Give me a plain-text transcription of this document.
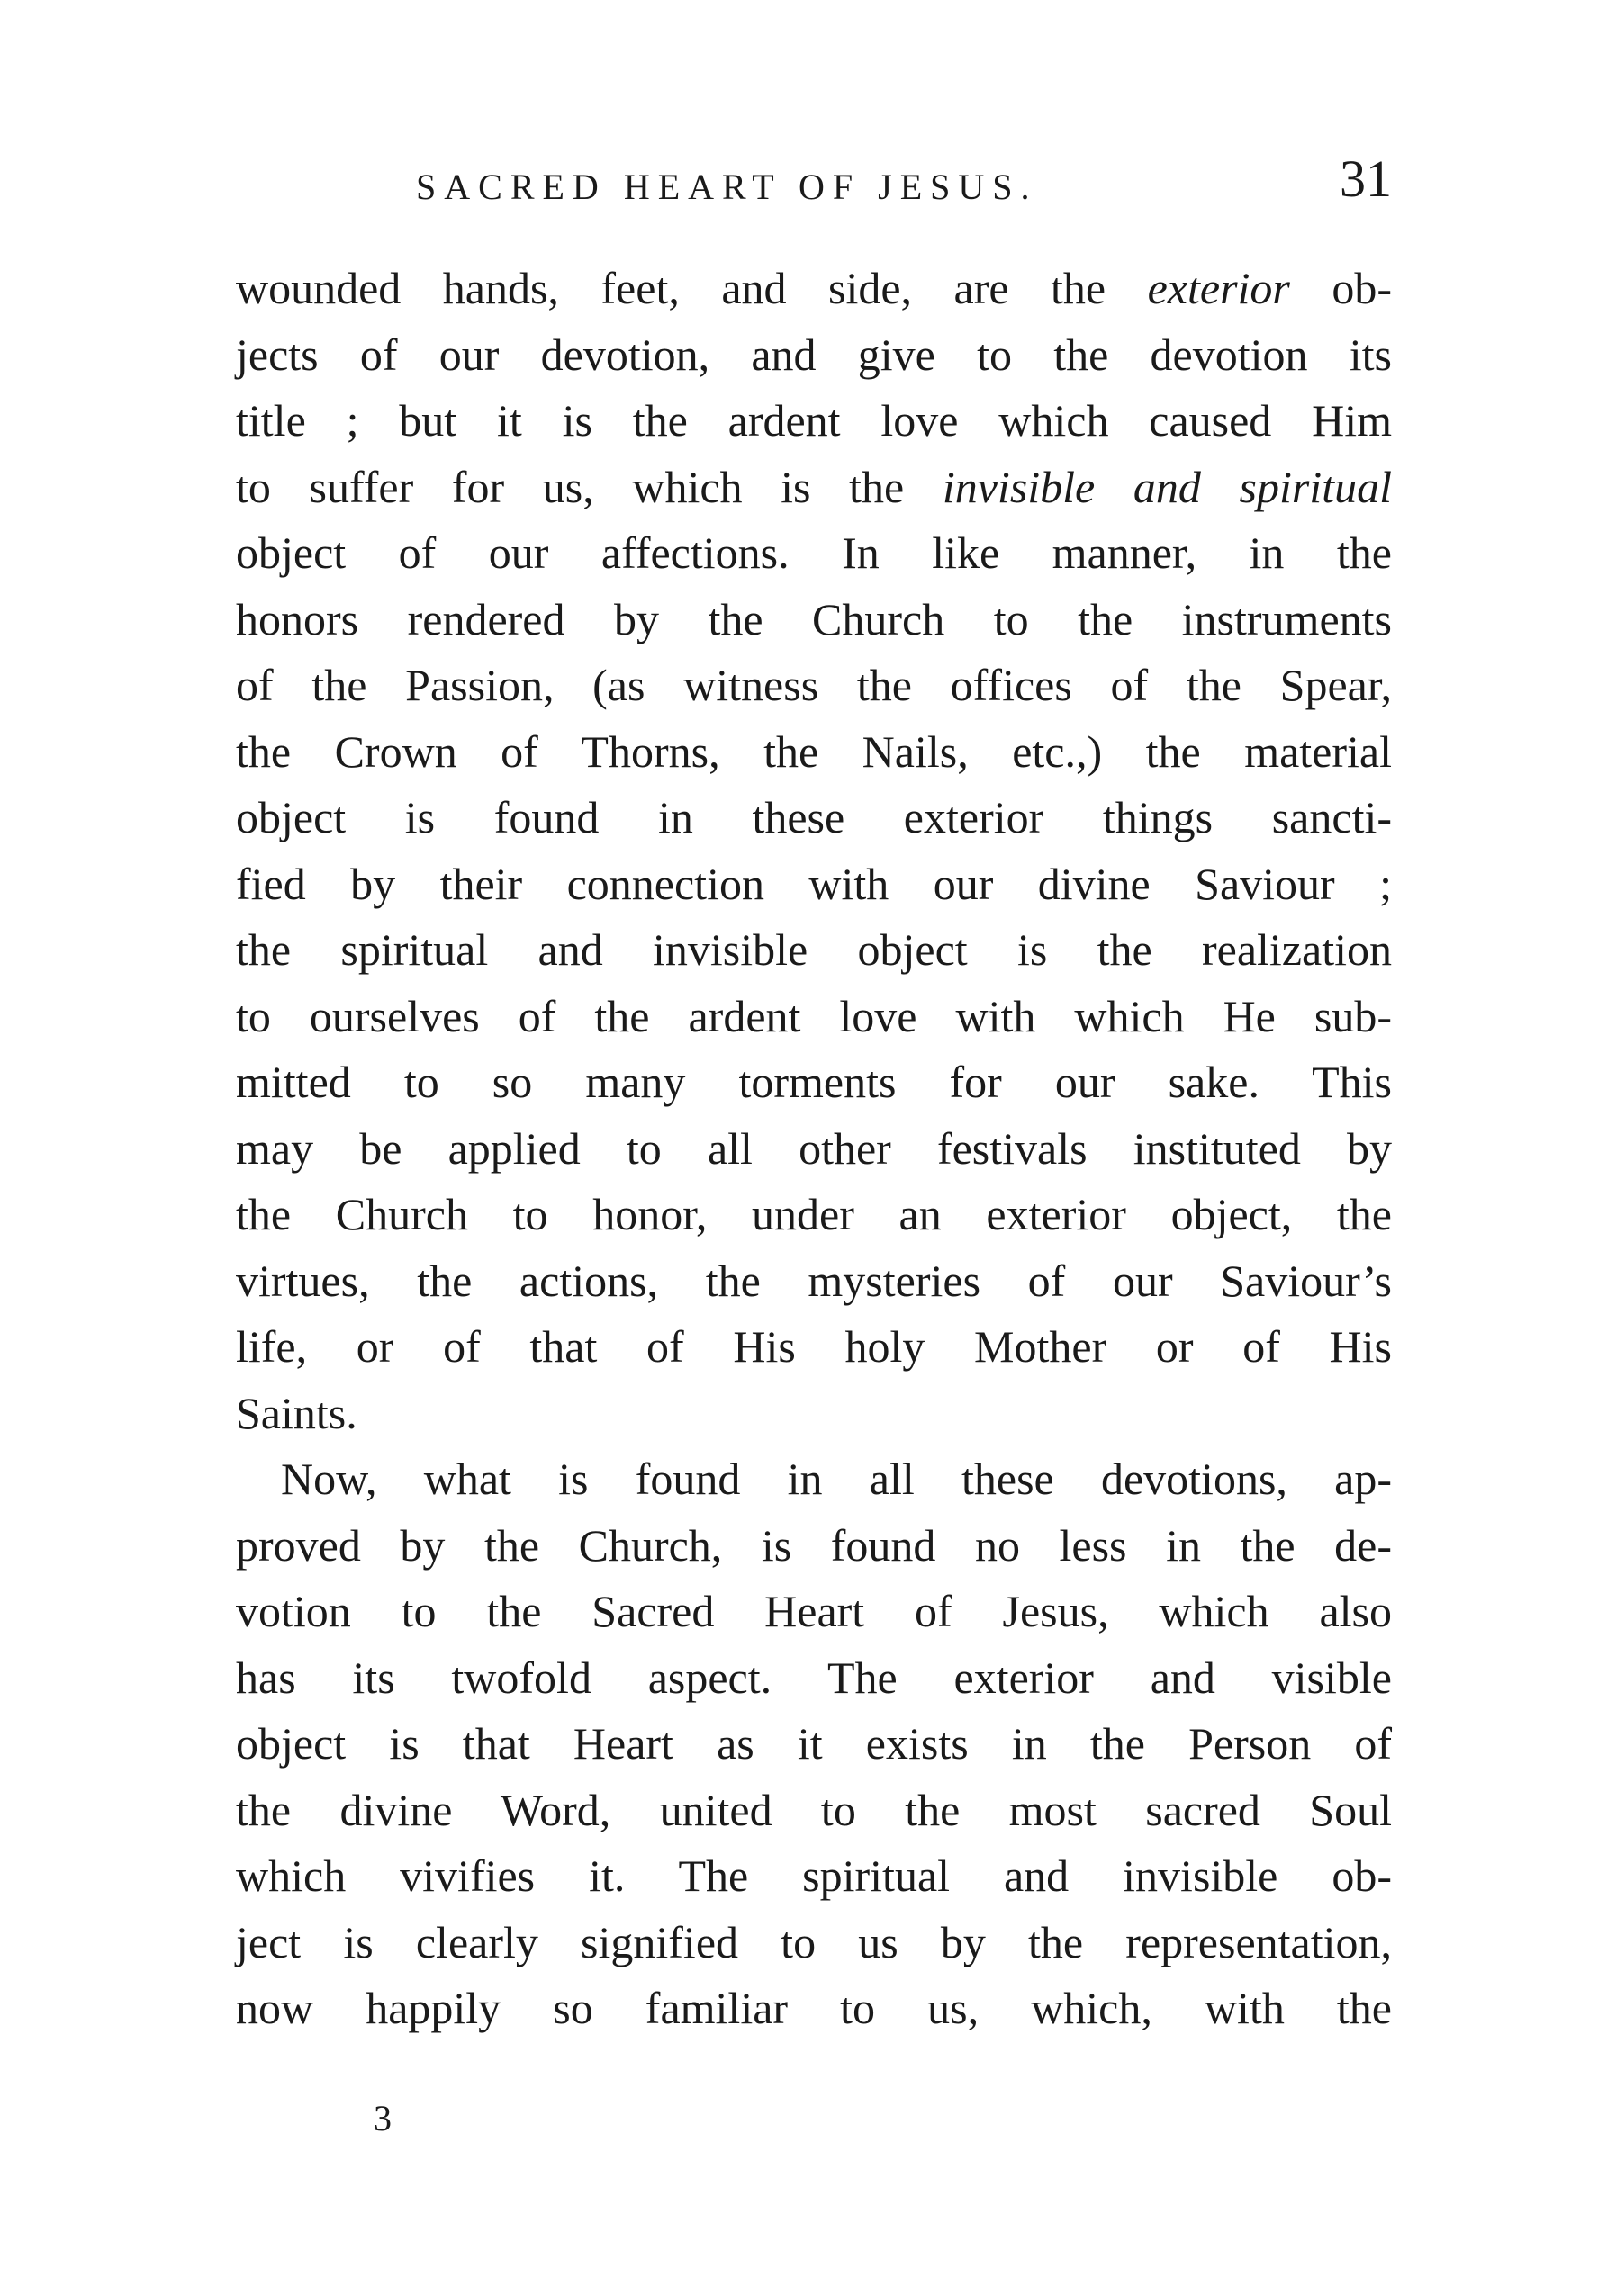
SACRED HEART OF JESUS.	31
wounded hands, feet, and side, are the exterior ob-
jects of our devotion, and give to the devotion its
title ; but it is the ardent love which caused Him
to suffer for us, which is the invisible and spiritual
object of our affections. In like manner, in the
honors rendered by the Church to the instruments
of the Passion, (as witness the offices of the Spear,
the Crown of Thorns, the Nails, etc.,) the material
object is found in these exterior things sancti-
fied by their connection with our divine Saviour ;
the spiritual and invisible object is the realization
to ourselves of the ardent love with which He sub-
mitted to so many torments for our sake. This
may be applied to all other festivals instituted by
the Church to honor, under an exterior object, the
virtues, the actions, the mysteries of our Saviour’s
life, or of that of His holy Mother or of His
Saints.
Now, what is found in all these devotions, ap-
proved by the Church, is found no less in the de-
votion to the Sacred Heart of Jesus, which also
has its twofold aspect. The exterior and visible
object is that Heart as it exists in the Person of
the divine Word, united to the most sacred Soul
which vivifies it. The spiritual and invisible ob-
ject is clearly signified to us by the representation,
now happily so familiar to us, which, with the
3
